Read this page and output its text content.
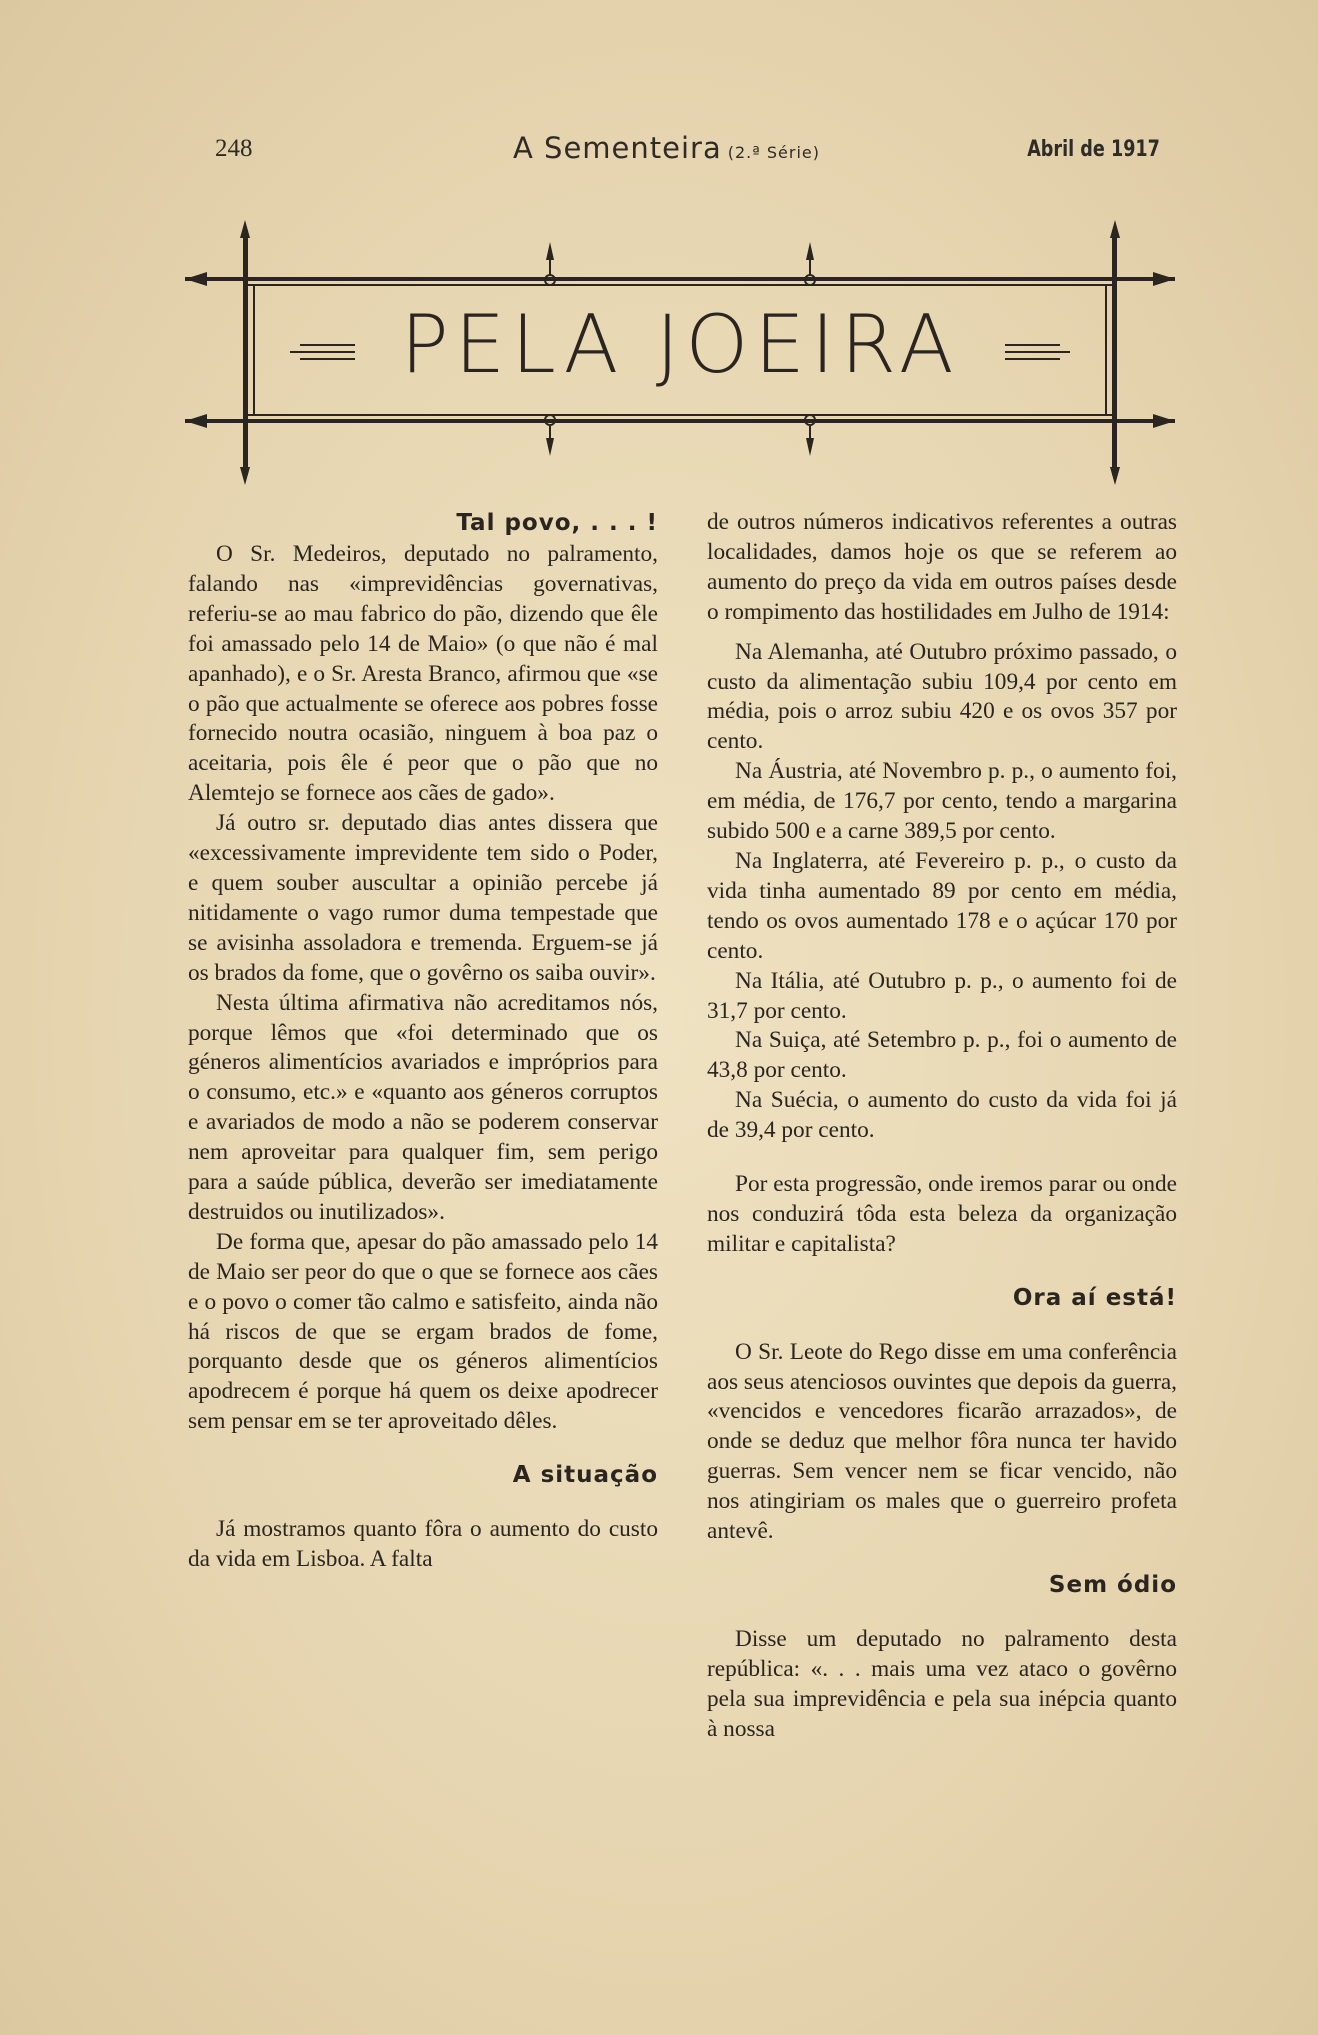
248	A Sementeira (2.ª Série)	Abril de 1917
PELA JOEIRA
Tal povo, . . . !

O Sr. Medeiros, deputado no palramento, falando nas «imprevidências governativas, referiu-se ao mau fabrico do pão, dizendo que êle foi amassado pelo 14 de Maio» (o que não é mal apanhado), e o Sr. Aresta Branco, afirmou que «se o pão que actualmente se oferece aos pobres fosse fornecido noutra ocasião, ninguem à boa paz o aceitaria, pois êle é peor que o pão que no Alemtejo se fornece aos cães de gado».

Já outro sr. deputado dias antes dissera que «excessivamente imprevidente tem sido o Poder, e quem souber auscultar a opinião percebe já nitidamente o vago rumor duma tempestade que se avisinha assoladora e tremenda. Erguem-se já os brados da fome, que o govêrno os saiba ouvir».

Nesta última afirmativa não acreditamos nós, porque lêmos que «foi determinado que os géneros alimentícios avariados e impróprios para o consumo, etc.» e «quanto aos géneros corruptos e avariados de modo a não se poderem conservar nem aproveitar para qualquer fim, sem perigo para a saúde pública, deverão ser imediatamente destruidos ou inutilizados».

De forma que, apesar do pão amassado pelo 14 de Maio ser peor do que o que se fornece aos cães e o povo o comer tão calmo e satisfeito, ainda não há riscos de que se ergam brados de fome, porquanto desde que os géneros alimentícios apodrecem é porque há quem os deixe apodrecer sem pensar em se ter aproveitado dêles.

A situação

Já mostramos quanto fôra o aumento do custo da vida em Lisboa. A falta

de outros números indicativos referentes a outras localidades, damos hoje os que se referem ao aumento do preço da vida em outros países desde o rompimento das hostilidades em Julho de 1914:

Na Alemanha, até Outubro próximo passado, o custo da alimentação subiu 109,4 por cento em média, pois o arroz subiu 420 e os ovos 357 por cento.

Na Áustria, até Novembro p. p., o aumento foi, em média, de 176,7 por cento, tendo a margarina subido 500 e a carne 389,5 por cento.

Na Inglaterra, até Fevereiro p. p., o custo da vida tinha aumentado 89 por cento em média, tendo os ovos aumentado 178 e o açúcar 170 por cento.

Na Itália, até Outubro p. p., o aumento foi de 31,7 por cento.

Na Suiça, até Setembro p. p., foi o aumento de 43,8 por cento.

Na Suécia, o aumento do custo da vida foi já de 39,4 por cento.

Por esta progressão, onde iremos parar ou onde nos conduzirá tôda esta beleza da organização militar e capitalista?

Ora aí está!

O Sr. Leote do Rego disse em uma conferência aos seus atenciosos ouvintes que depois da guerra, «vencidos e vencedores ficarão arrazados», de onde se deduz que melhor fôra nunca ter havido guerras. Sem vencer nem se ficar vencido, não nos atingiriam os males que o guerreiro profeta antevê.

Sem ódio

Disse um deputado no palramento desta república: «. . . mais uma vez ataco o govêrno pela sua imprevidência e pela sua inépcia quanto à nossa
